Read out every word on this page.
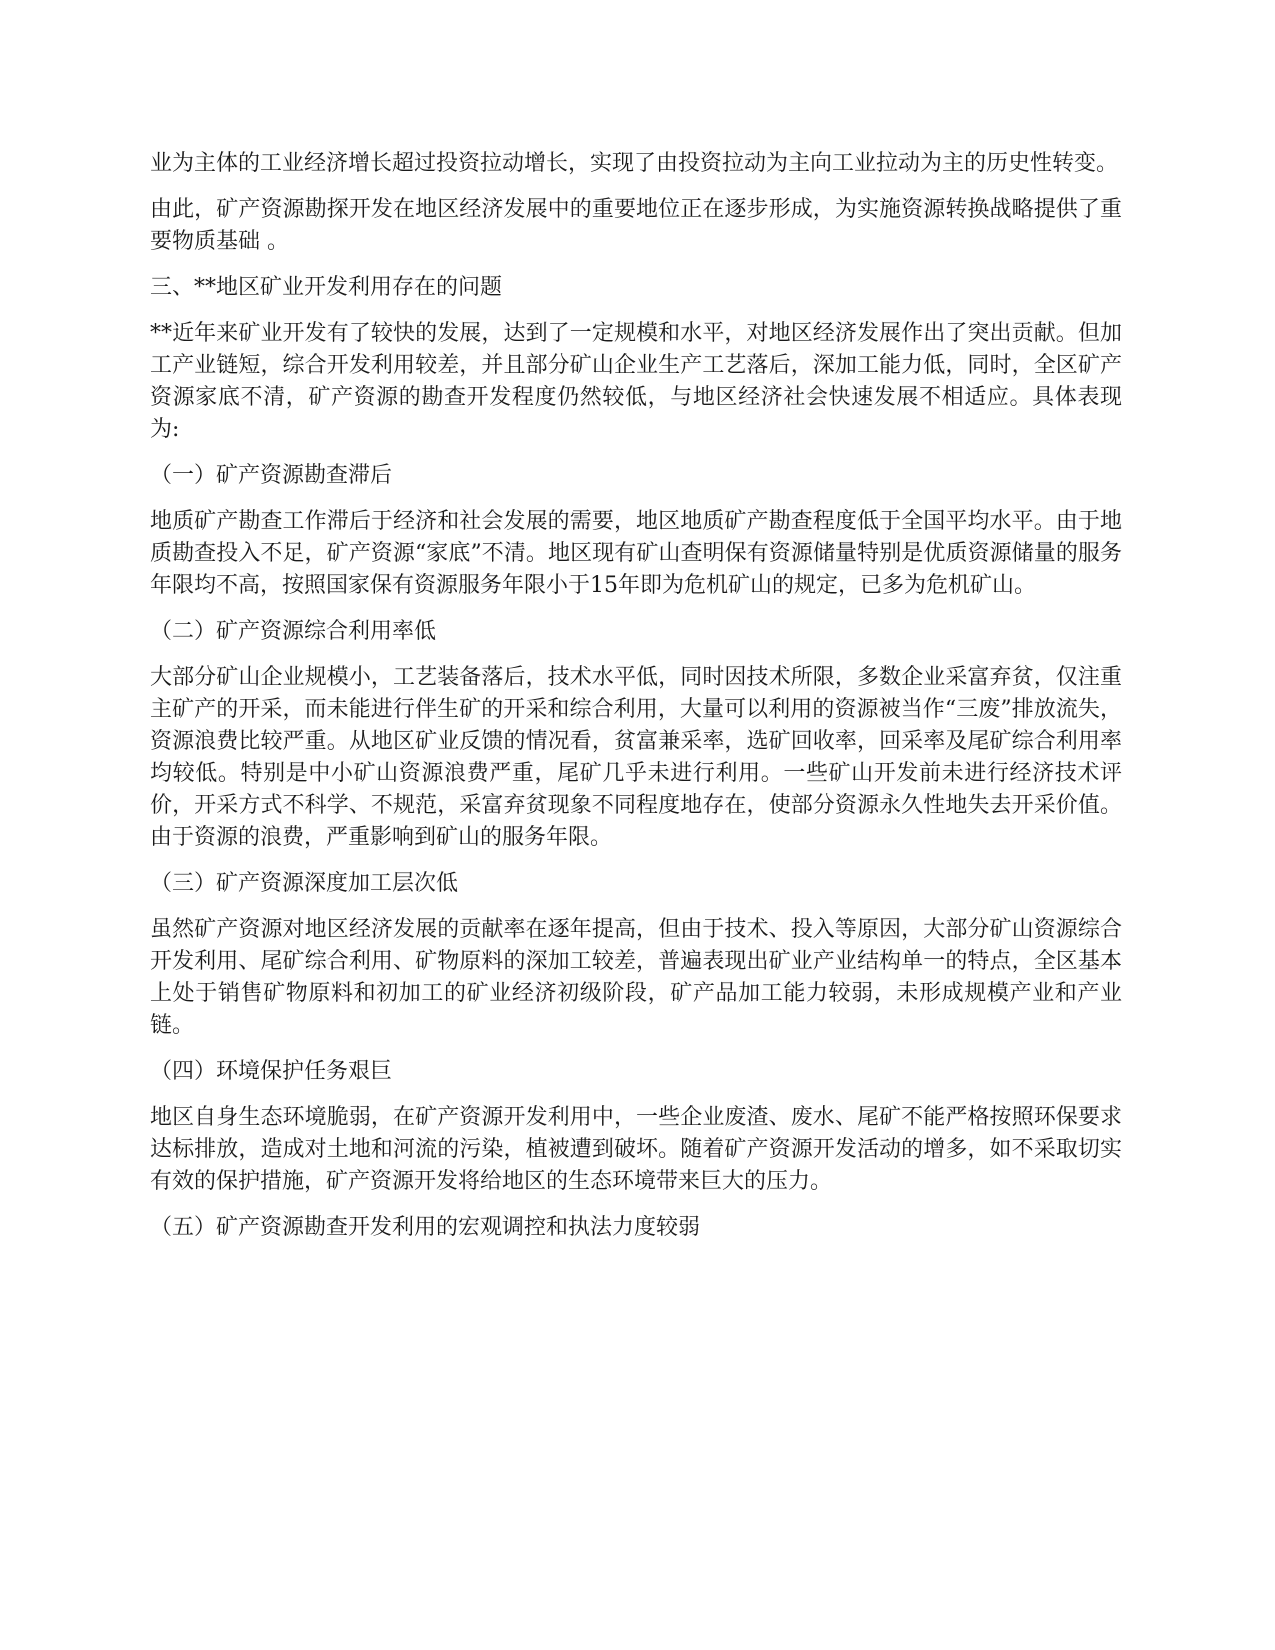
业为主体的工业经济增长超过投资拉动增长，实现了由投资拉动为主向工业拉动为主的历史性转变。

由此，矿产资源勘探开发在地区经济发展中的重要地位正在逐步形成，为实施资源转换战略提供了重要物质基础 。

三、**地区矿业开发利用存在的问题

**近年来矿业开发有了较快的发展，达到了一定规模和水平，对地区经济发展作出了突出贡献。但加工产业链短，综合开发利用较差，并且部分矿山企业生产工艺落后，深加工能力低，同时，全区矿产资源家底不清，矿产资源的勘查开发程度仍然较低，与地区经济社会快速发展不相适应。具体表现为:

（一）矿产资源勘查滞后

地质矿产勘查工作滞后于经济和社会发展的需要，地区地质矿产勘查程度低于全国平均水平。由于地质勘查投入不足，矿产资源“家底”不清。地区现有矿山查明保有资源储量特别是优质资源储量的服务年限均不高，按照国家保有资源服务年限小于15年即为危机矿山的规定，已多为危机矿山。

（二）矿产资源综合利用率低

大部分矿山企业规模小，工艺装备落后，技术水平低，同时因技术所限，多数企业采富弃贫，仅注重主矿产的开采，而未能进行伴生矿的开采和综合利用，大量可以利用的资源被当作“三废”排放流失，资源浪费比较严重。从地区矿业反馈的情况看，贫富兼采率，选矿回收率，回采率及尾矿综合利用率均较低。特别是中小矿山资源浪费严重，尾矿几乎未进行利用。一些矿山开发前未进行经济技术评价，开采方式不科学、不规范，采富弃贫现象不同程度地存在，使部分资源永久性地失去开采价值。由于资源的浪费，严重影响到矿山的服务年限。

（三）矿产资源深度加工层次低

虽然矿产资源对地区经济发展的贡献率在逐年提高，但由于技术、投入等原因，大部分矿山资源综合开发利用、尾矿综合利用、矿物原料的深加工较差，普遍表现出矿业产业结构单一的特点，全区基本上处于销售矿物原料和初加工的矿业经济初级阶段，矿产品加工能力较弱，未形成规模产业和产业链。

（四）环境保护任务艰巨

地区自身生态环境脆弱，在矿产资源开发利用中，一些企业废渣、废水、尾矿不能严格按照环保要求达标排放，造成对土地和河流的污染，植被遭到破坏。随着矿产资源开发活动的增多，如不采取切实有效的保护措施，矿产资源开发将给地区的生态环境带来巨大的压力。

（五）矿产资源勘查开发利用的宏观调控和执法力度较弱
